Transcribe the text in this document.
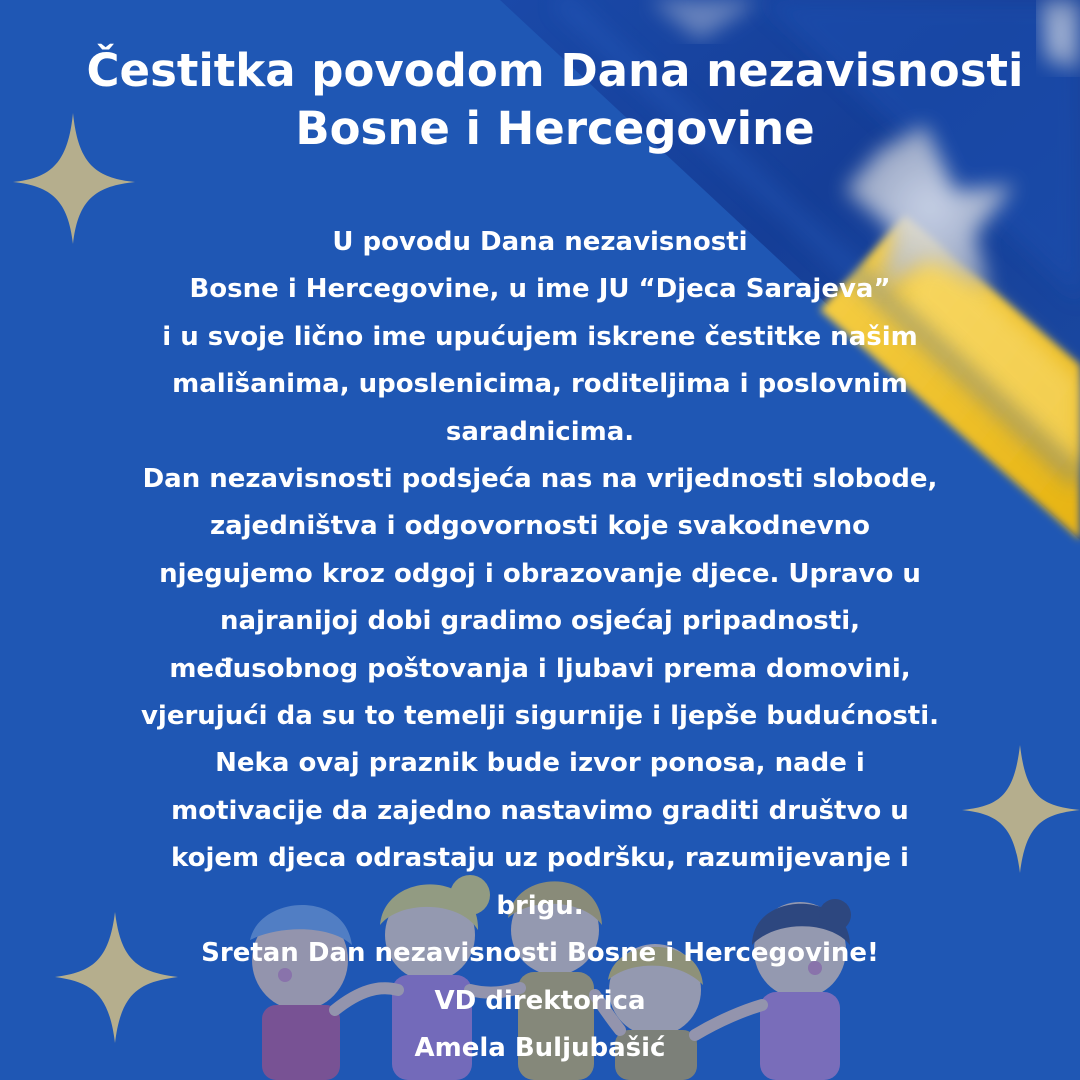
Čestitka povodom Dana nezavisnosti
Bosne i Hercegovine
U povodu Dana nezavisnosti
Bosne i Hercegovine, u ime JU “Djeca Sarajeva”
i u svoje lično ime upućujem iskrene čestitke našim
mališanima, uposlenicima, roditeljima i poslovnim
saradnicima.
Dan nezavisnosti podsjeća nas na vrijednosti slobode,
zajedništva i odgovornosti koje svakodnevno
njegujemo kroz odgoj i obrazovanje djece. Upravo u
najranijoj dobi gradimo osjećaj pripadnosti,
međusobnog poštovanja i ljubavi prema domovini,
vjerujući da su to temelji sigurnije i ljepše budućnosti.
Neka ovaj praznik bude izvor ponosa, nade i
motivacije da zajedno nastavimo graditi društvo u
kojem djeca odrastaju uz podršku, razumijevanje i
brigu.
Sretan Dan nezavisnosti Bosne i Hercegovine!
VD direktorica
Amela Buljubašić
